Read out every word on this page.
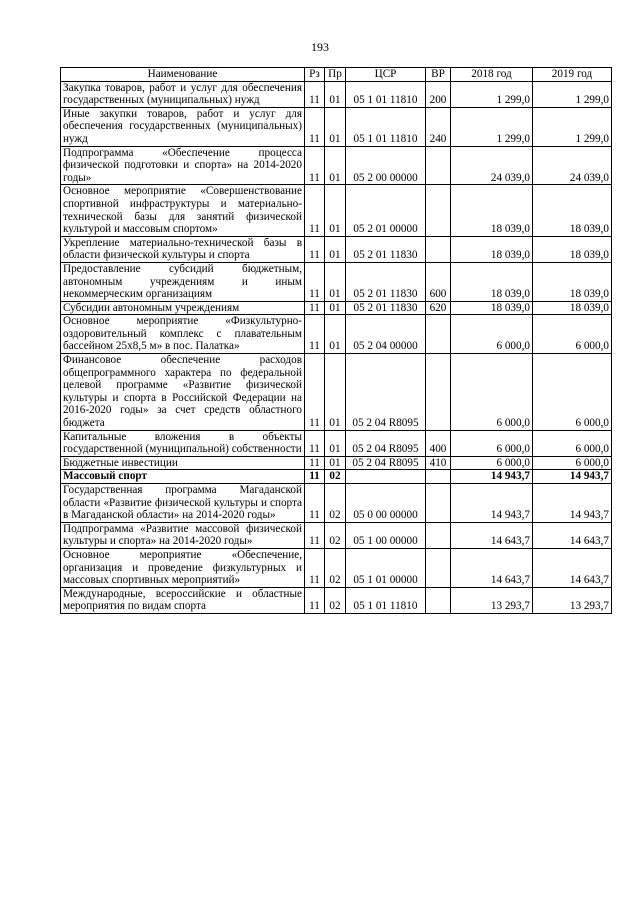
193
Наименование	Рз	Пр	ЦСР	ВР	2018 год	2019 год
Закупка товаров, работ и услуг для обеспечения государственных (муниципальных) нужд	11	01	05 1 01 11810	200	1 299,0	1 299,0
Иные закупки товаров, работ и услуг для обеспечения государственных (муниципальных) нужд	11	01	05 1 01 11810	240	1 299,0	1 299,0
Подпрограмма «Обеспечение процесса физической подготовки и спорта» на 2014-2020 годы»	11	01	05 2 00 00000		24 039,0	24 039,0
Основное мероприятие «Совершенствование спортивной инфраструктуры и материально-технической базы для занятий физической культурой и массовым спортом»	11	01	05 2 01 00000		18 039,0	18 039,0
Укрепление материально-технической базы в области физической культуры и спорта	11	01	05 2 01 11830		18 039,0	18 039,0
Предоставление субсидий бюджетным, автономным учреждениям и иным некоммерческим организациям	11	01	05 2 01 11830	600	18 039,0	18 039,0
Субсидии автономным учреждениям	11	01	05 2 01 11830	620	18 039,0	18 039,0
Основное мероприятие «Физкультурно-оздоровительный комплекс с плавательным бассейном 25х8,5 м» в пос. Палатка»	11	01	05 2 04 00000		6 000,0	6 000,0
Финансовое обеспечение расходов общепрограммного характера по федеральной целевой программе «Развитие физической культуры и спорта в Российской Федерации на 2016-2020 годы» за счет средств областного бюджета	11	01	05 2 04 R8095		6 000,0	6 000,0
Капитальные вложения в объекты государственной (муниципальной) собственности	11	01	05 2 04 R8095	400	6 000,0	6 000,0
Бюджетные инвестиции	11	01	05 2 04 R8095	410	6 000,0	6 000,0
Массовый спорт	11	02			14 943,7	14 943,7
Государственная программа Магаданской области «Развитие физической культуры и спорта в Магаданской области» на 2014-2020 годы»	11	02	05 0 00 00000		14 943,7	14 943,7
Подпрограмма «Развитие массовой физической культуры и спорта» на 2014-2020 годы»	11	02	05 1 00 00000		14 643,7	14 643,7
Основное мероприятие «Обеспечение, организация и проведение физкультурных и массовых спортивных мероприятий»	11	02	05 1 01 00000		14 643,7	14 643,7
Международные, всероссийские и областные мероприятия по видам спорта	11	02	05 1 01 11810		13 293,7	13 293,7
